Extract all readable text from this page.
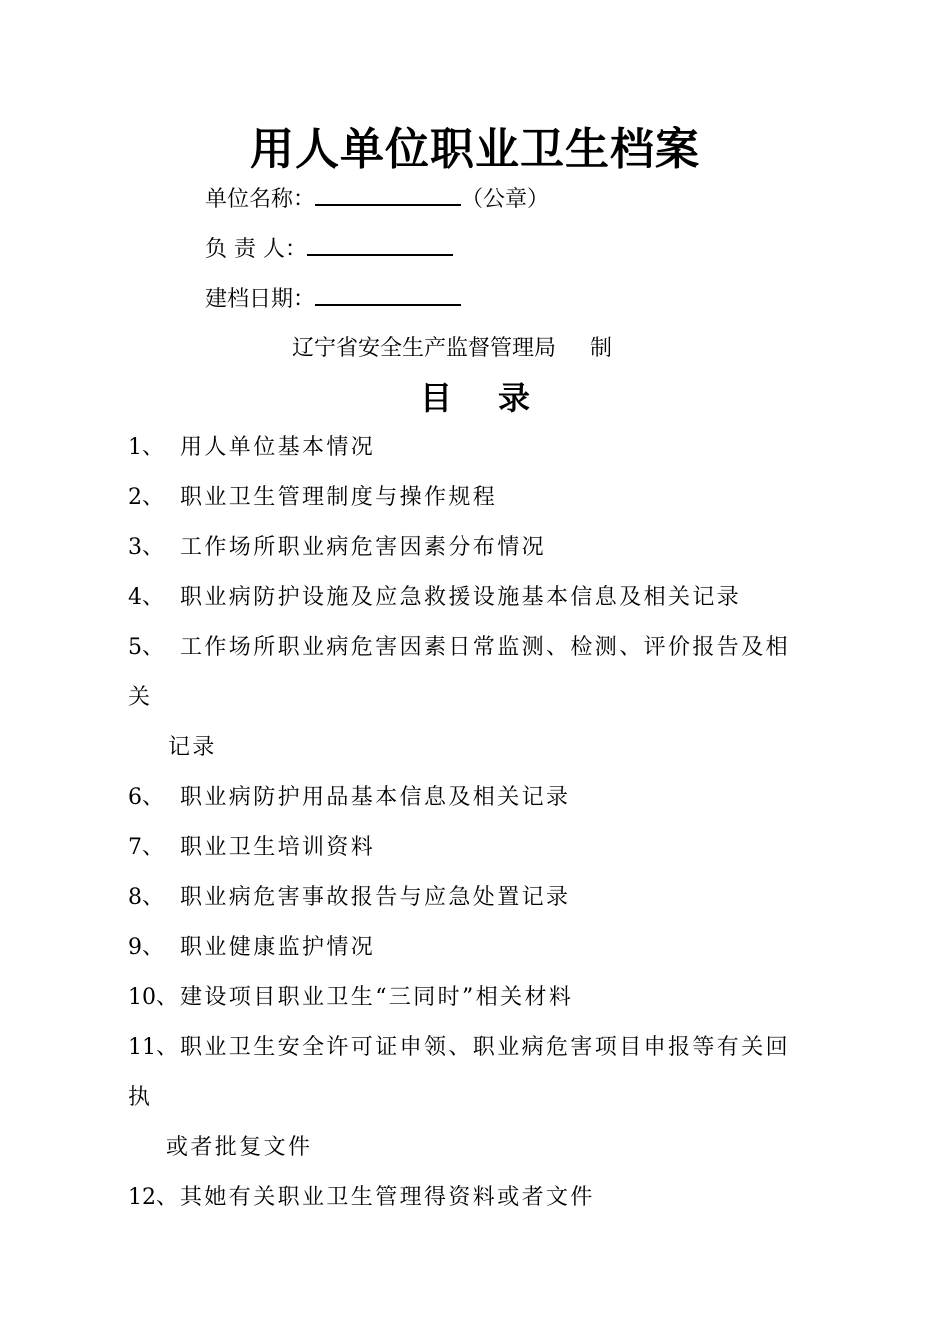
用人单位职业卫生档案
单位名称：	（公章）
负 责 人：
建档日期：
辽宁省安全生产监督管理局 制
目 录
1、 用人单位基本情况
2、 职业卫生管理制度与操作规程
3、 工作场所职业病危害因素分布情况
4、 职业病防护设施及应急救援设施基本信息及相关记录
5、 工作场所职业病危害因素日常监测、检测、评价报告及相
关
记录
6、 职业病防护用品基本信息及相关记录
7、 职业卫生培训资料
8、 职业病危害事故报告与应急处置记录
9、 职业健康监护情况
10、建设项目职业卫生“三同时”相关材料
11、职业卫生安全许可证申领、职业病危害项目申报等有关回
执
或者批复文件
12、其她有关职业卫生管理得资料或者文件
